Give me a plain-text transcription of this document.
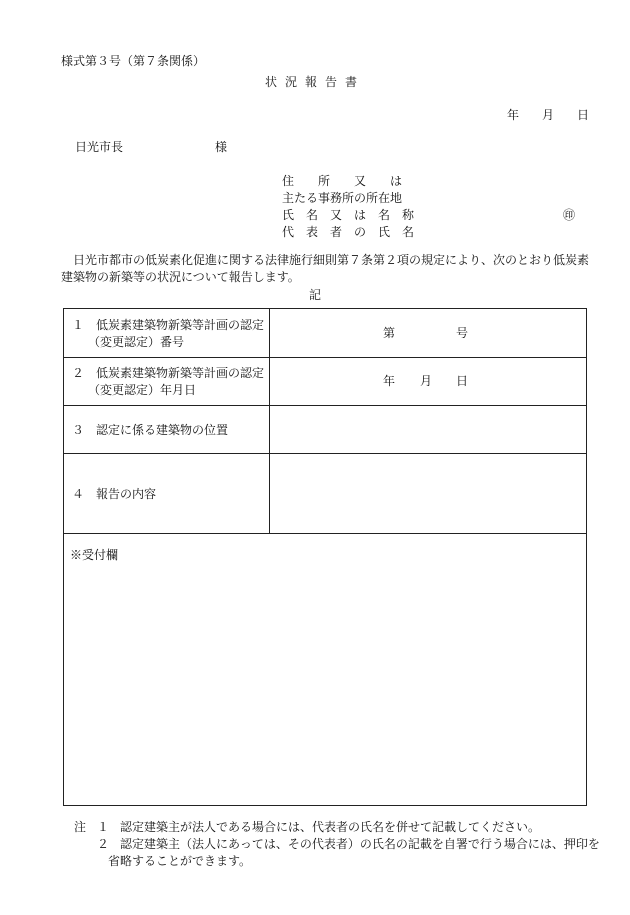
様式第３号（第７条関係）
状況報告書
年 月 日
日光市長	様
住　　所　　又　　は
主たる事務所の所在地
氏　名　又　は　名　称
代　表　者　の　氏　名
㊞
日光市都市の低炭素化促進に関する法律施行細則第７条第２項の規定により、次のとおり低炭素建築物の新築等の状況について報告します。
記
１　低炭素建築物新築等計画の認定
（変更認定）番号
第	号
２　低炭素建築物新築等計画の認定
（変更認定）年月日
年 月 日
３　認定に係る建築物の位置
４　報告の内容
※受付欄
注 １ 認定建築主が法人である場合には、代表者の氏名を併せて記載してください。
２ 認定建築主（法人にあっては、その代表者）の氏名の記載を自署で行う場合には、押印を
省略することができます。
